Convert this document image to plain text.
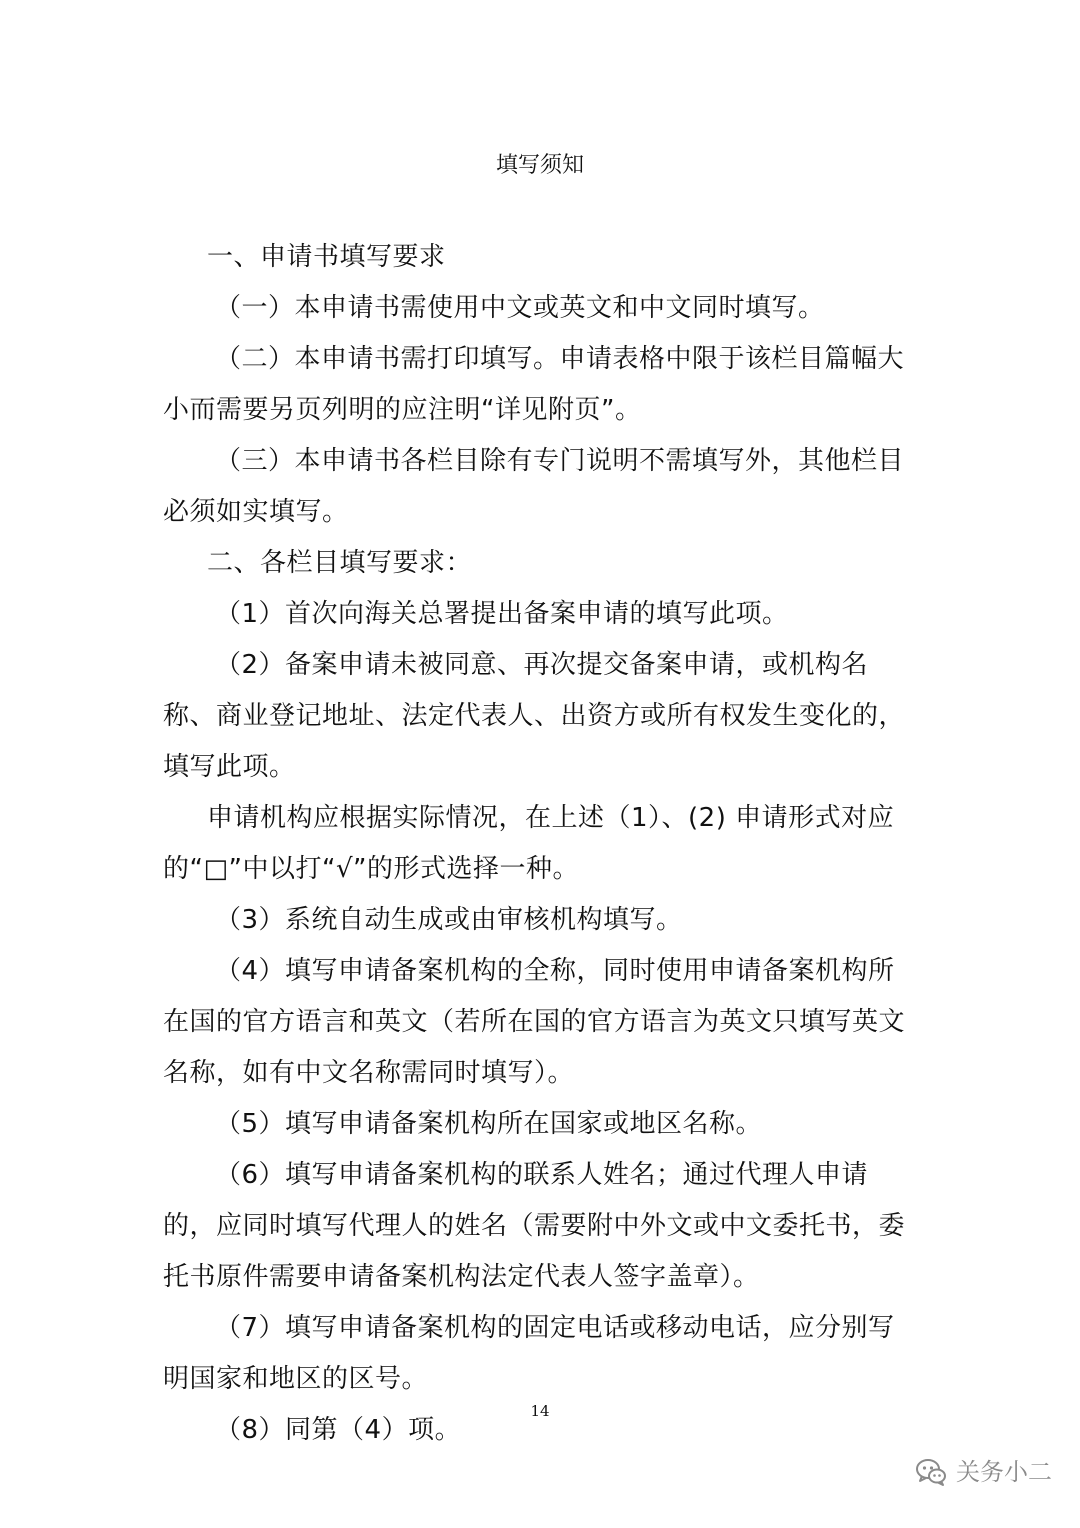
填写须知

一、申请书填写要求

（一）本申请书需使用中文或英文和中文同时填写。

（二）本申请书需打印填写。申请表格中限于该栏目篇幅大小而需要另页列明的应注明“详见附页”。

（三）本申请书各栏目除有专门说明不需填写外，其他栏目必须如实填写。

二、各栏目填写要求：

（1）首次向海关总署提出备案申请的填写此项。

（2）备案申请未被同意、再次提交备案申请，或机构名称、商业登记地址、法定代表人、出资方或所有权发生变化的，填写此项。

申请机构应根据实际情况，在上述（1）、(2) 申请形式对应的“□”中以打“√”的形式选择一种。

（3）系统自动生成或由审核机构填写。

（4）填写申请备案机构的全称，同时使用申请备案机构所在国的官方语言和英文（若所在国的官方语言为英文只填写英文名称，如有中文名称需同时填写）。

（5）填写申请备案机构所在国家或地区名称。

（6）填写申请备案机构的联系人姓名；通过代理人申请的，应同时填写代理人的姓名（需要附中外文或中文委托书，委托书原件需要申请备案机构法定代表人签字盖章）。

（7）填写申请备案机构的固定电话或移动电话，应分别写明国家和地区的区号。

（8）同第（4）项。

14
关务小二
